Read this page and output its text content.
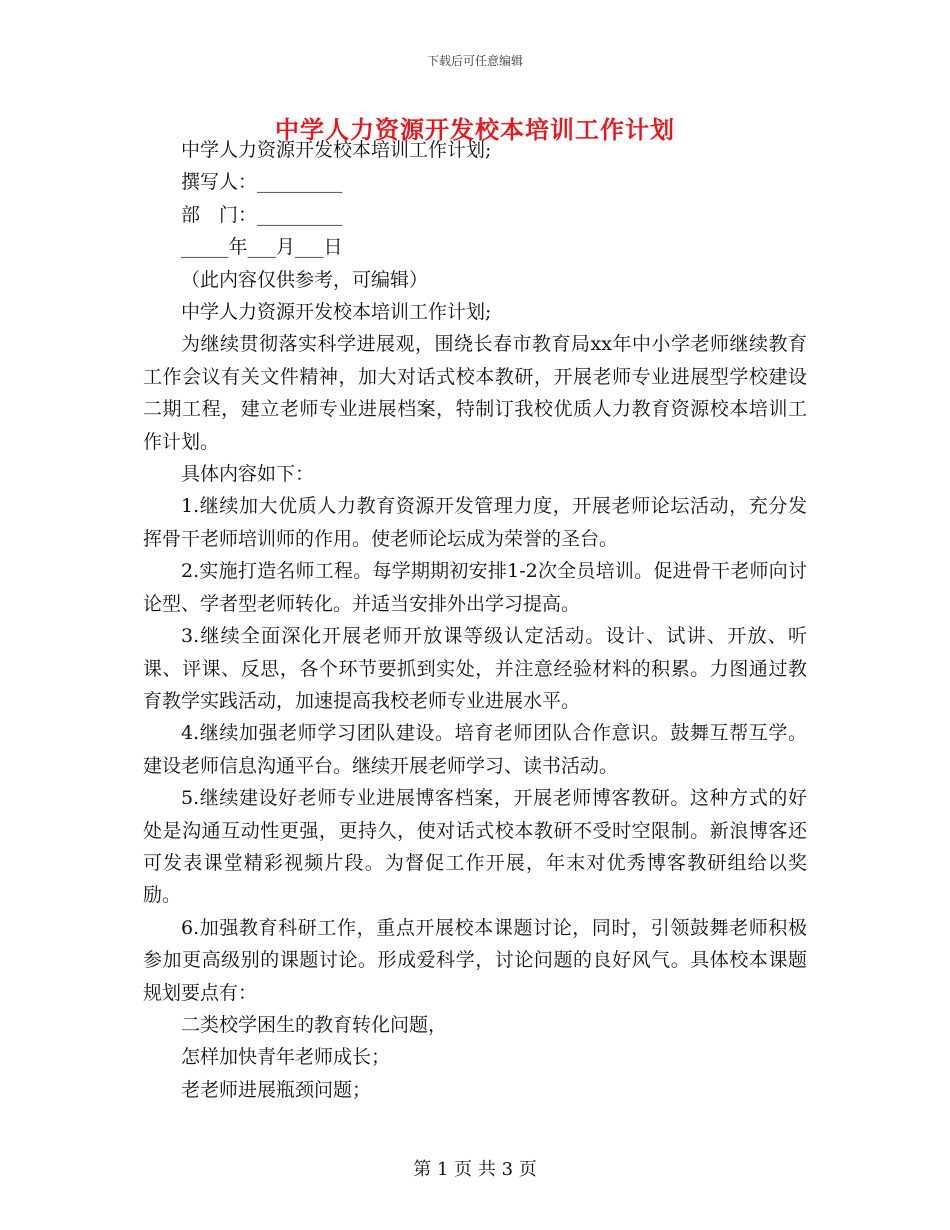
下载后可任意编辑
中学人力资源开发校本培训工作计划

中学人力资源开发校本培训工作计划;

撰写人：_________

部　门：_________

_____年___月___日

（此内容仅供参考，可编辑）

中学人力资源开发校本培训工作计划;

为继续贯彻落实科学进展观，围绕长春市教育局xx年中小学老师继续教育工作会议有关文件精神，加大对话式校本教研，开展老师专业进展型学校建设二期工程，建立老师专业进展档案，特制订我校优质人力教育资源校本培训工作计划。

具体内容如下：

1.继续加大优质人力教育资源开发管理力度，开展老师论坛活动，充分发挥骨干老师培训师的作用。使老师论坛成为荣誉的圣台。

2.实施打造名师工程。每学期期初安排1-2次全员培训。促进骨干老师向讨论型、学者型老师转化。并适当安排外出学习提高。

3.继续全面深化开展老师开放课等级认定活动。设计、试讲、开放、听课、评课、反思，各个环节要抓到实处，并注意经验材料的积累。力图通过教育教学实践活动，加速提高我校老师专业进展水平。

4.继续加强老师学习团队建设。培育老师团队合作意识。鼓舞互帮互学。建设老师信息沟通平台。继续开展老师学习、读书活动。

5.继续建设好老师专业进展博客档案，开展老师博客教研。这种方式的好处是沟通互动性更强，更持久，使对话式校本教研不受时空限制。新浪博客还可发表课堂精彩视频片段。为督促工作开展，年末对优秀博客教研组给以奖励。

6.加强教育科研工作，重点开展校本课题讨论，同时，引领鼓舞老师积极参加更高级别的课题讨论。形成爱科学，讨论问题的良好风气。具体校本课题规划要点有：

二类校学困生的教育转化问题，

怎样加快青年老师成长；

老老师进展瓶颈问题；

第 1 页 共 3 页
